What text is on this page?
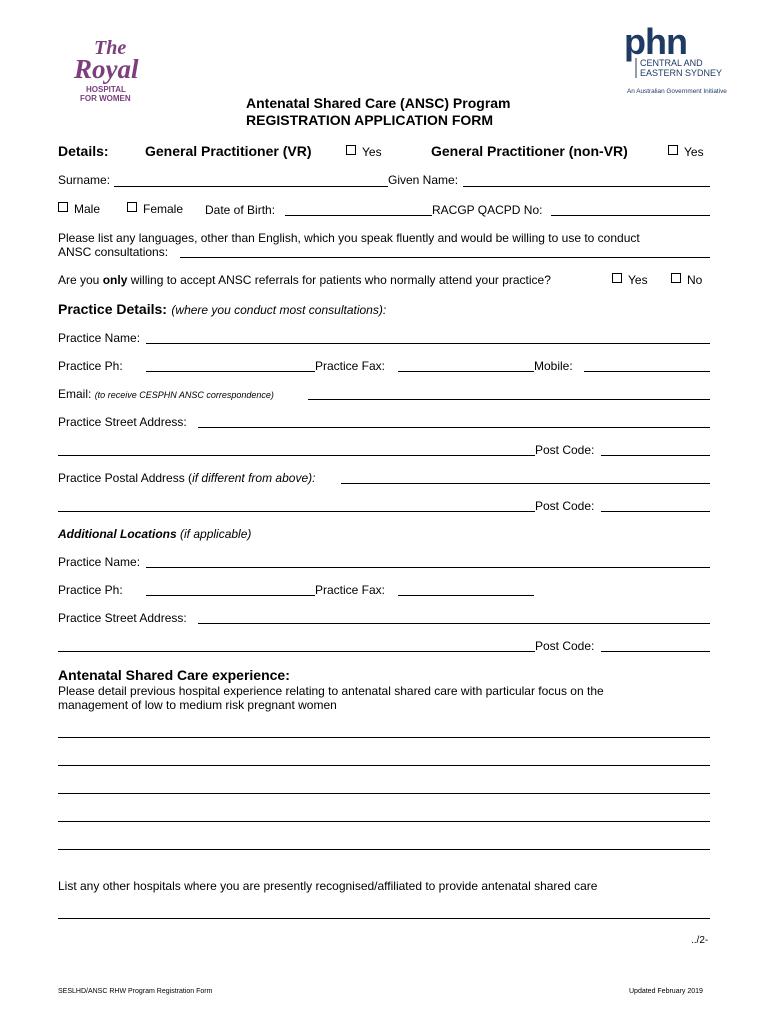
The
Royal
HOSPITAL
FOR WOMEN
phn
CENTRAL AND
EASTERN SYDNEY
An Australian Government Initiative
Antenatal Shared Care (ANSC) Program
REGISTRATION APPLICATION FORM
Details:	General Practitioner (VR)	Yes	General Practitioner (non-VR)	Yes
Surname:	Given Name:
Male	Female Date of Birth:	RACGP QACPD No:
Please list any languages, other than English, which you speak fluently and would be willing to use to conduct
ANSC consultations:
Are you only willing to accept ANSC referrals for patients who normally attend your practice?	Yes	No
Practice Details: (where you conduct most consultations):
Practice Name:
Practice Ph:	Practice Fax:	Mobile:
Email: (to receive CESPHN ANSC correspondence)
Practice Street Address:
Post Code:
Practice Postal Address (if different from above):
Post Code:
Additional Locations (if applicable)
Practice Name:
Practice Ph:	Practice Fax:
Practice Street Address:
Post Code:
Antenatal Shared Care experience:
Please detail previous hospital experience relating to antenatal shared care with particular focus on the
management of low to medium risk pregnant women
List any other hospitals where you are presently recognised/affiliated to provide antenatal shared care
../2-
SESLHD/ANSC RHW Program Registration Form	Updated February 2019
